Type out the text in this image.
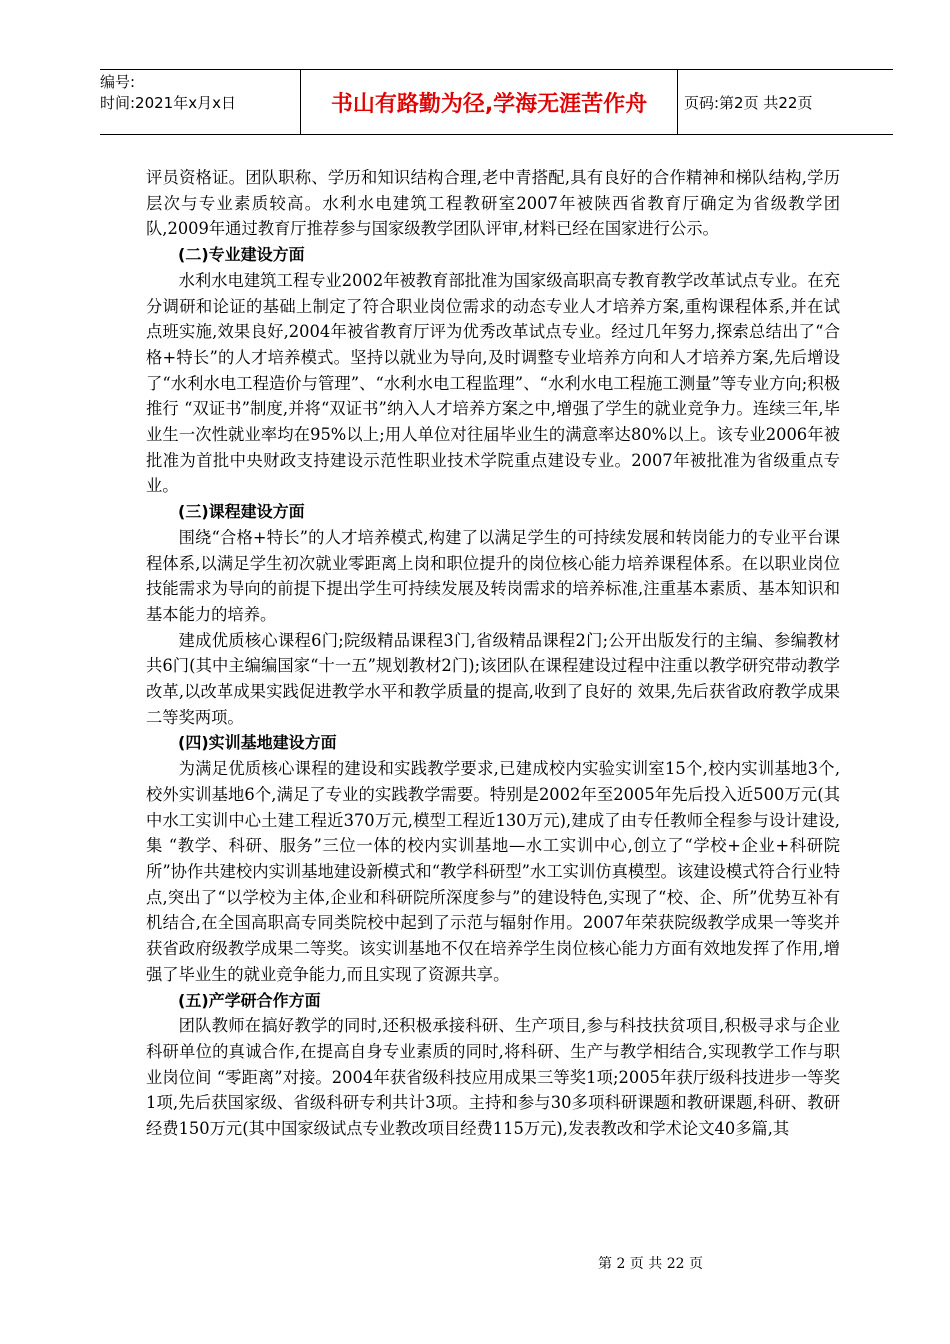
编号:
时间:2021年x月x日	书山有路勤为径,学海无涯苦作舟	页码:第2页 共22页

评员资格证。团队职称、学历和知识结构合理,老中青搭配,具有良好的合作精神和梯队结构,学历层次与专业素质较高。水利水电建筑工程教研室2007年被陕西省教育厅确定为省级教学团队,2009年通过教育厅推荐参与国家级教学团队评审,材料已经在国家进行公示。

(二)专业建设方面

水利水电建筑工程专业2002年被教育部批准为国家级高职高专教育教学改革试点专业。在充分调研和论证的基础上制定了符合职业岗位需求的动态专业人才培养方案,重构课程体系,并在试点班实施,效果良好,2004年被省教育厅评为优秀改革试点专业。经过几年努力,探索总结出了“合格+特长”的人才培养模式。坚持以就业为导向,及时调整专业培养方向和人才培养方案,先后增设了“水利水电工程造价与管理”、“水利水电工程监理”、“水利水电工程施工测量”等专业方向;积极推行 “双证书”制度,并将“双证书”纳入人才培养方案之中,增强了学生的就业竞争力。连续三年,毕业生一次性就业率均在95%以上;用人单位对往届毕业生的满意率达80%以上。该专业2006年被批准为首批中央财政支持建设示范性职业技术学院重点建设专业。2007年被批准为省级重点专业。

(三)课程建设方面

围绕“合格+特长”的人才培养模式,构建了以满足学生的可持续发展和转岗能力的专业平台课程体系,以满足学生初次就业零距离上岗和职位提升的岗位核心能力培养课程体系。在以职业岗位技能需求为导向的前提下提出学生可持续发展及转岗需求的培养标准,注重基本素质、基本知识和基本能力的培养。

建成优质核心课程6门;院级精品课程3门,省级精品课程2门;公开出版发行的主编、参编教材共6门(其中主编编国家“十一五”规划教材2门);该团队在课程建设过程中注重以教学研究带动教学改革,以改革成果实践促进教学水平和教学质量的提高,收到了良好的 效果,先后获省政府教学成果二等奖两项。

(四)实训基地建设方面

为满足优质核心课程的建设和实践教学要求,已建成校内实验实训室15个,校内实训基地3个,校外实训基地6个,满足了专业的实践教学需要。特别是2002年至2005年先后投入近500万元(其中水工实训中心土建工程近370万元,模型工程近130万元),建成了由专任教师全程参与设计建设,集 “教学、科研、服务”三位一体的校内实训基地—水工实训中心,创立了“学校+企业+科研院所”协作共建校内实训基地建设新模式和“教学科研型”水工实训仿真模型。该建设模式符合行业特点,突出了“以学校为主体,企业和科研院所深度参与”的建设特色,实现了“校、企、所”优势互补有机结合,在全国高职高专同类院校中起到了示范与辐射作用。2007年荣获院级教学成果一等奖并获省政府级教学成果二等奖。该实训基地不仅在培养学生岗位核心能力方面有效地发挥了作用,增强了毕业生的就业竞争能力,而且实现了资源共享。

(五)产学研合作方面

团队教师在搞好教学的同时,还积极承接科研、生产项目,参与科技扶贫项目,积极寻求与企业科研单位的真诚合作,在提高自身专业素质的同时,将科研、生产与教学相结合,实现教学工作与职业岗位间 “零距离”对接。2004年获省级科技应用成果三等奖1项;2005年获厅级科技进步一等奖1项,先后获国家级、省级科研专利共计3项。主持和参与30多项科研课题和教研课题,科研、教研经费150万元(其中国家级试点专业教改项目经费115万元),发表教改和学术论文40多篇,其

第 2 页 共 22 页
